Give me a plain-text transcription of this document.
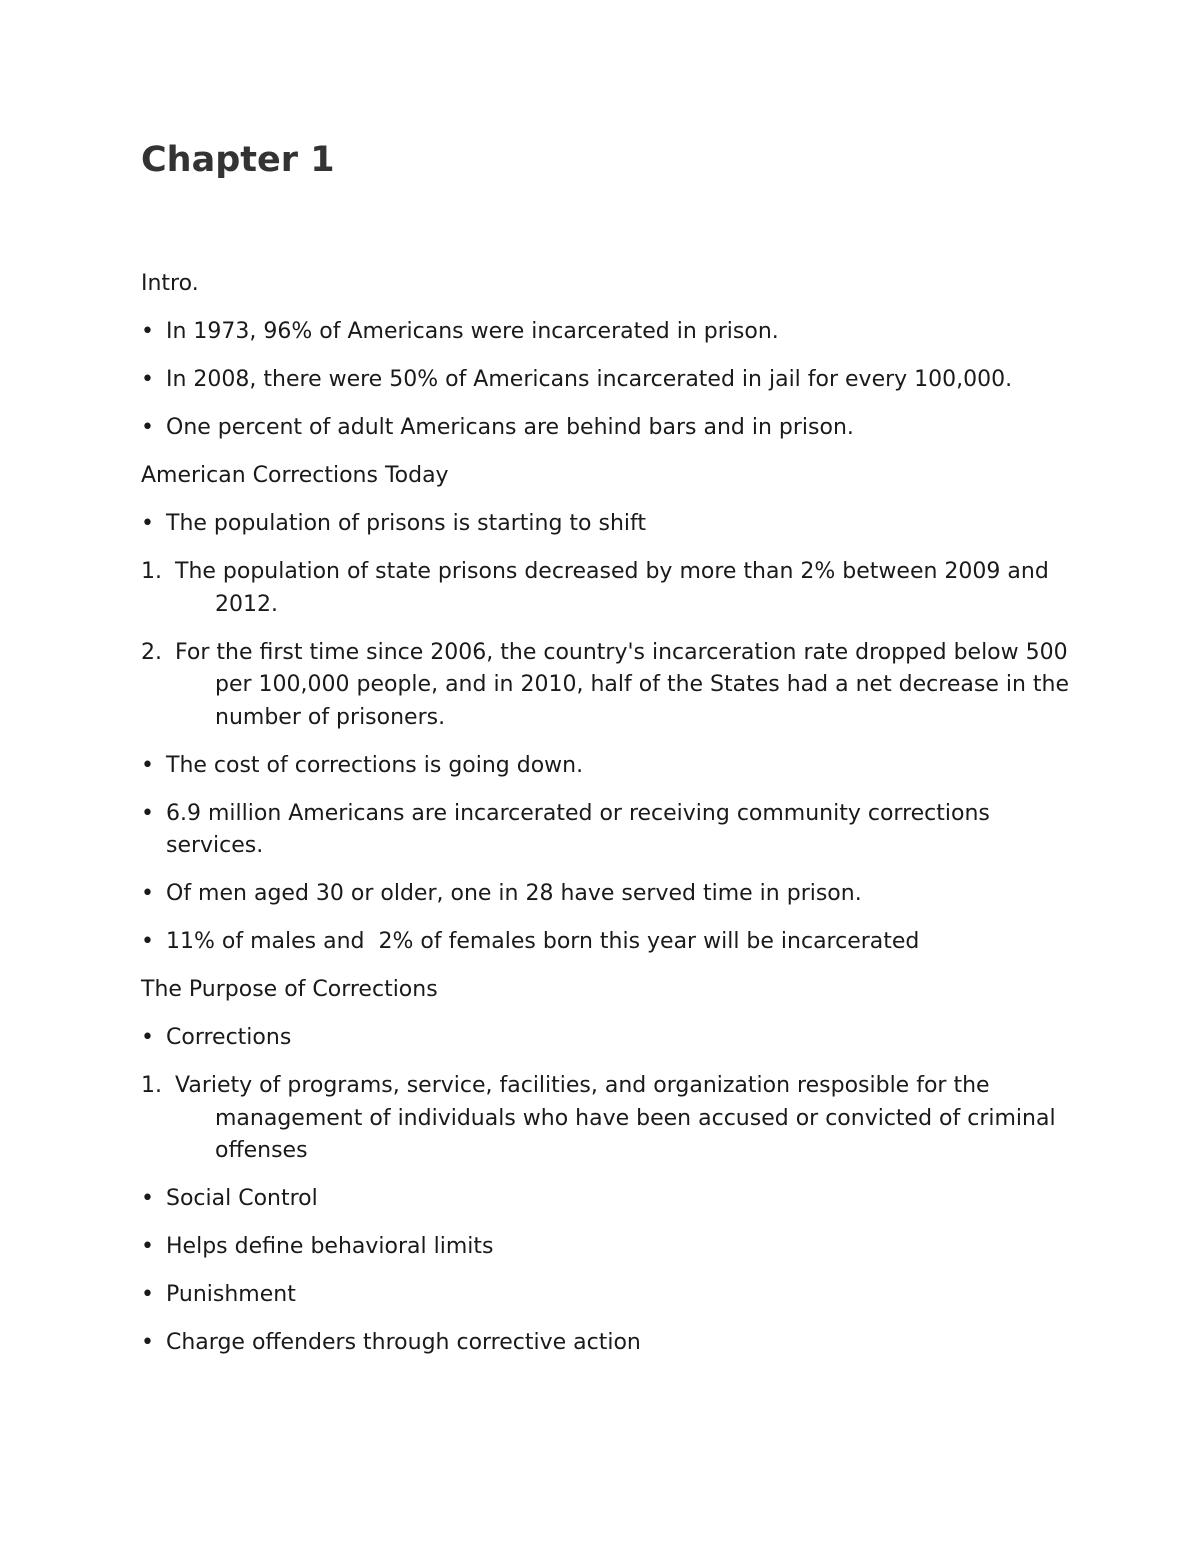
Chapter 1

Intro.

• In 1973, 96% of Americans were incarcerated in prison.
• In 2008, there were 50% of Americans incarcerated in jail for every 100,000.
• One percent of adult Americans are behind bars and in prison.

American Corrections Today

• The population of prisons is starting to shift
1. The population of state prisons decreased by more than 2% between 2009 and 2012.
2. For the first time since 2006, the country's incarceration rate dropped below 500 per 100,000 people, and in 2010, half of the States had a net decrease in the number of prisoners.
• The cost of corrections is going down.
• 6.9 million Americans are incarcerated or receiving community corrections services.
• Of men aged 30 or older, one in 28 have served time in prison.
• 11% of males and  2% of females born this year will be incarcerated

The Purpose of Corrections

• Corrections
1. Variety of programs, service, facilities, and organization resposible for the management of individuals who have been accused or convicted of criminal offenses
• Social Control
• Helps define behavioral limits
• Punishment
• Charge offenders through corrective action
